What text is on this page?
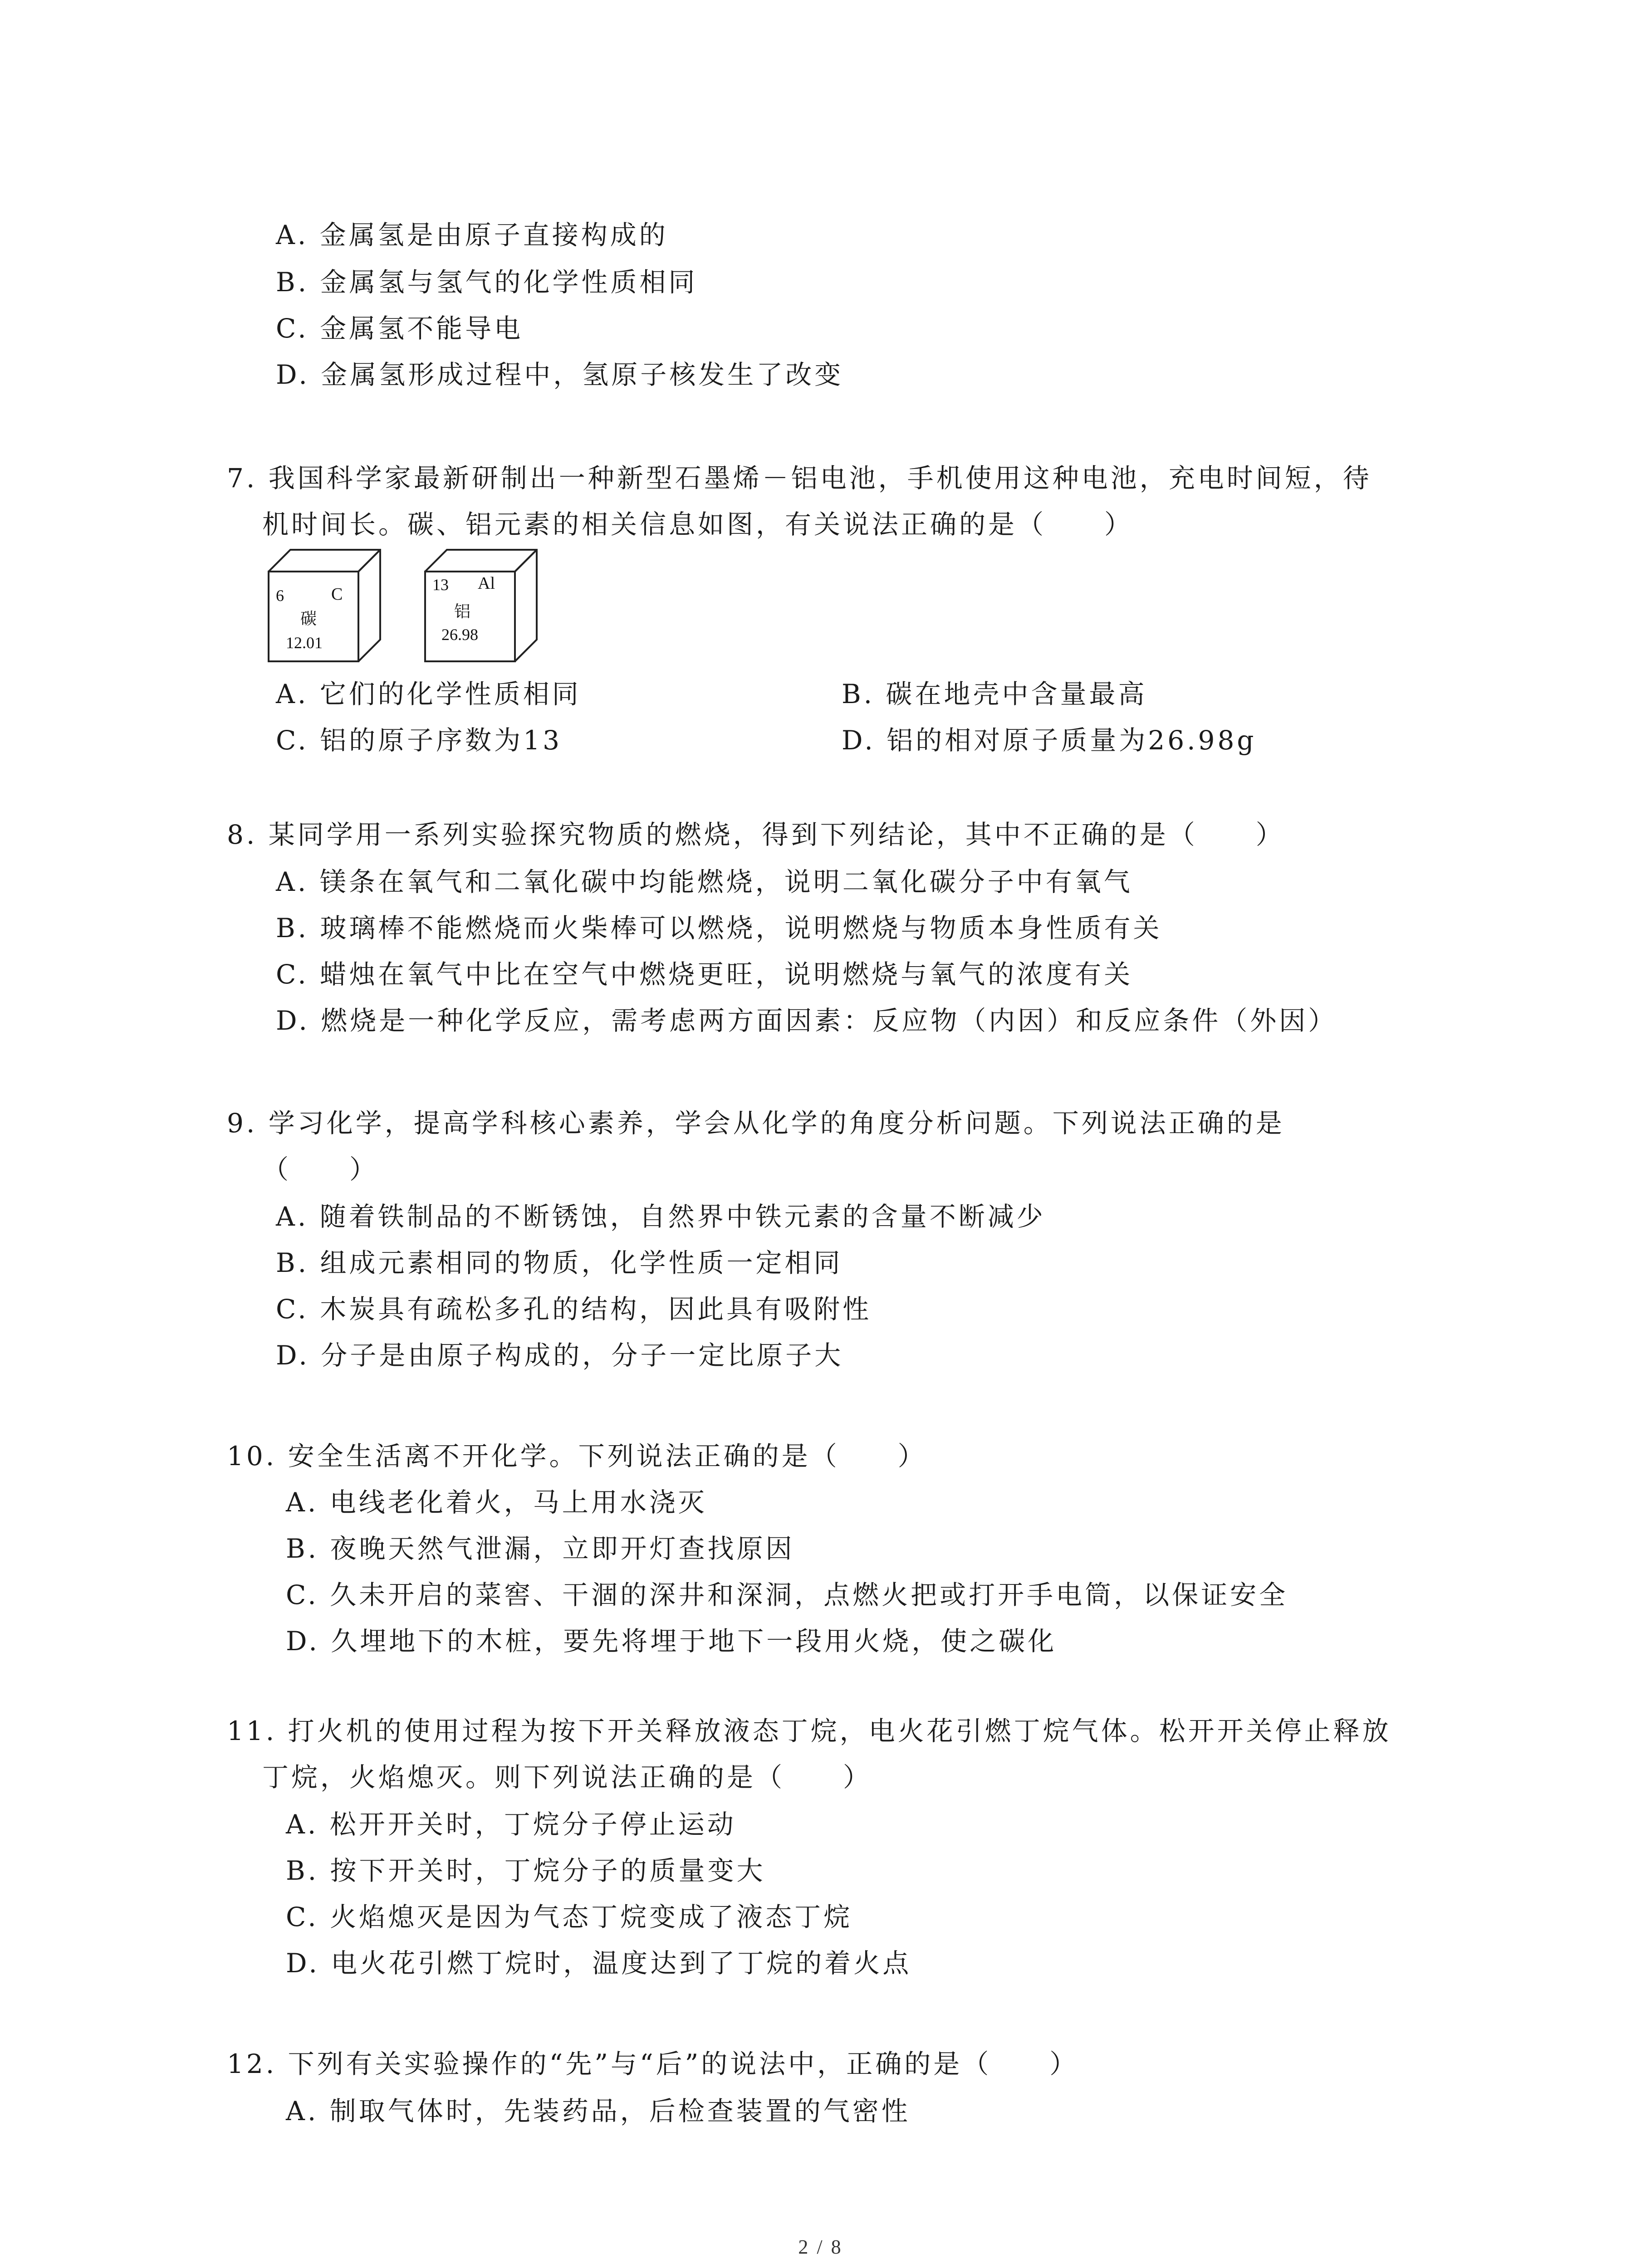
A. 金属氢是由原子直接构成的
B. 金属氢与氢气的化学性质相同
C. 金属氢不能导电
D. 金属氢形成过程中，氢原子核发生了改变
7. 我国科学家最新研制出一种新型石墨烯－铝电池，手机使用这种电池，充电时间短，待
机时间长。碳、铝元素的相关信息如图，有关说法正确的是（　　）
6	C
碳
12.01
13 Al
铝
26.98
A. 它们的化学性质相同	B. 碳在地壳中含量最高
C. 铝的原子序数为13	D. 铝的相对原子质量为26.98g
8. 某同学用一系列实验探究物质的燃烧，得到下列结论，其中不正确的是（　　）
A. 镁条在氧气和二氧化碳中均能燃烧，说明二氧化碳分子中有氧气
B. 玻璃棒不能燃烧而火柴棒可以燃烧，说明燃烧与物质本身性质有关
C. 蜡烛在氧气中比在空气中燃烧更旺，说明燃烧与氧气的浓度有关
D. 燃烧是一种化学反应，需考虑两方面因素：反应物（内因）和反应条件（外因）
9. 学习化学，提高学科核心素养，学会从化学的角度分析问题。下列说法正确的是
（　　）
A. 随着铁制品的不断锈蚀，自然界中铁元素的含量不断减少
B. 组成元素相同的物质，化学性质一定相同
C. 木炭具有疏松多孔的结构，因此具有吸附性
D. 分子是由原子构成的，分子一定比原子大
10. 安全生活离不开化学。下列说法正确的是（　　）
A. 电线老化着火，马上用水浇灭
B. 夜晚天然气泄漏，立即开灯查找原因
C. 久未开启的菜窖、干涸的深井和深洞，点燃火把或打开手电筒，以保证安全
D. 久埋地下的木桩，要先将埋于地下一段用火烧，使之碳化
11. 打火机的使用过程为按下开关释放液态丁烷，电火花引燃丁烷气体。松开开关停止释放
丁烷，火焰熄灭。则下列说法正确的是（　　）
A. 松开开关时，丁烷分子停止运动
B. 按下开关时，丁烷分子的质量变大
C. 火焰熄灭是因为气态丁烷变成了液态丁烷
D. 电火花引燃丁烷时，温度达到了丁烷的着火点
12. 下列有关实验操作的“先”与“后”的说法中，正确的是（　　）
A. 制取气体时，先装药品，后检查装置的气密性
2 / 8
